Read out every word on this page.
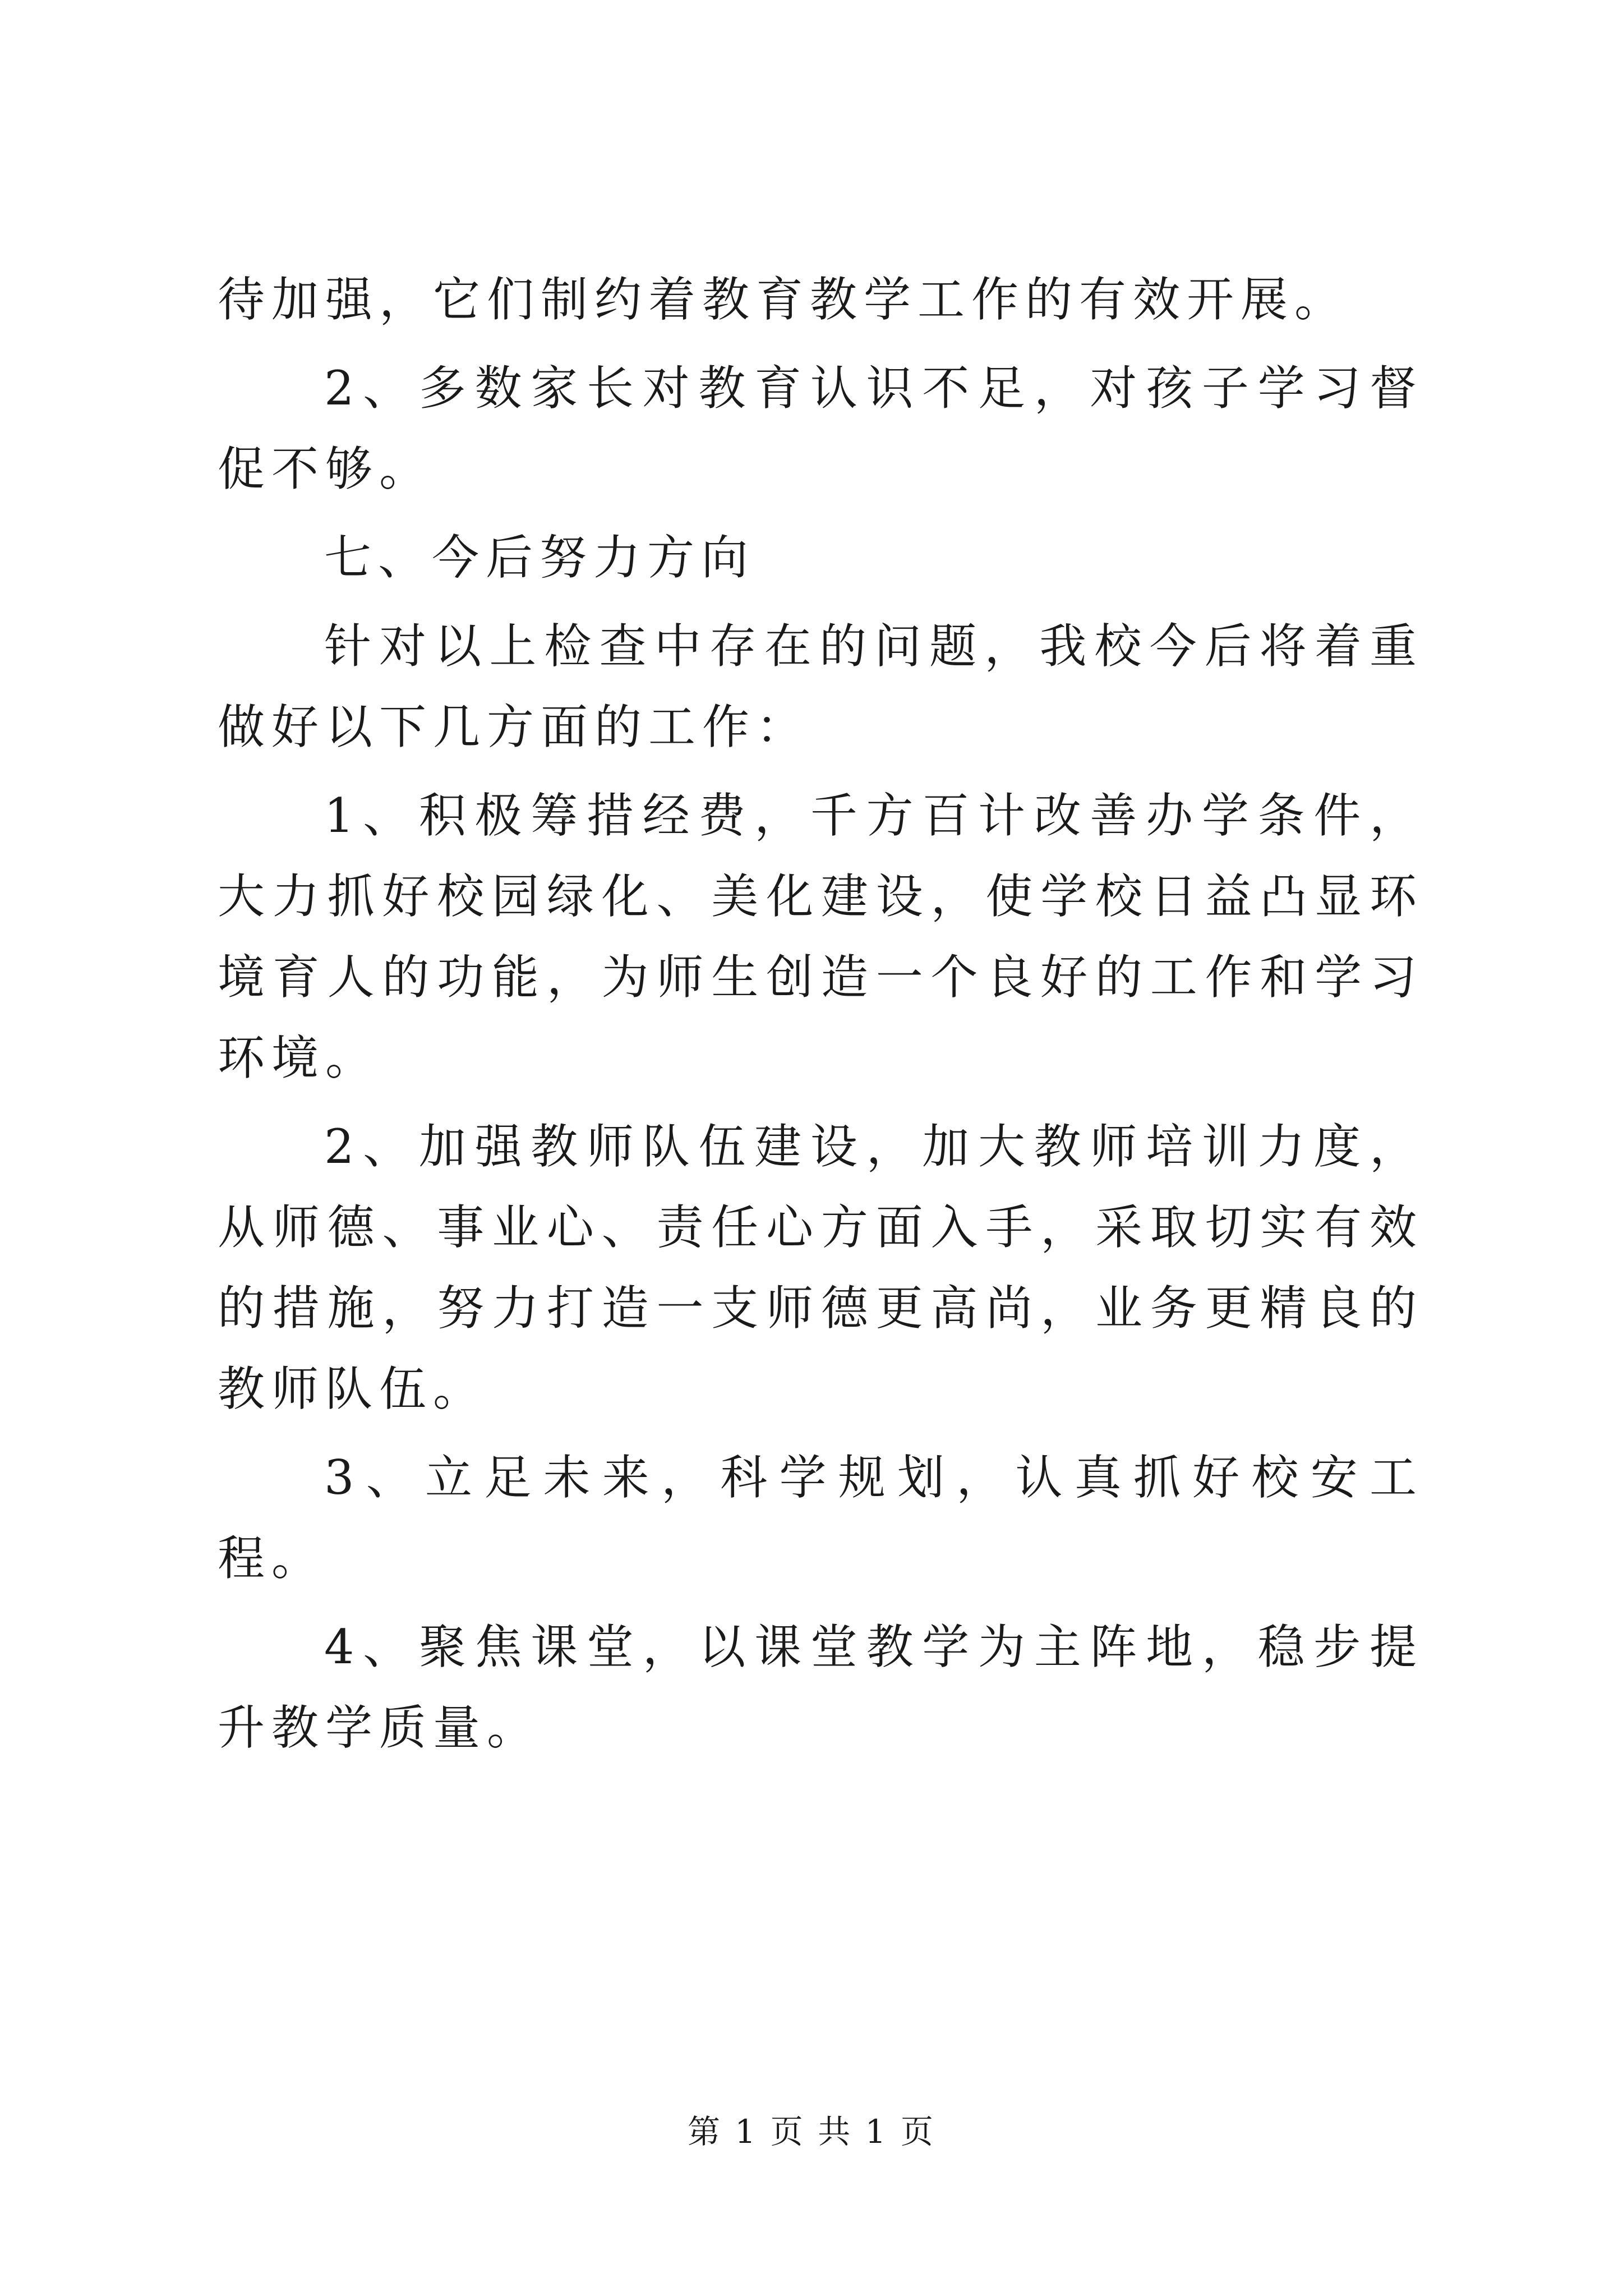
待加强，它们制约着教育教学工作的有效开展。

2、多数家长对教育认识不足，对孩子学习督促不够。

七、今后努力方向

针对以上检查中存在的问题，我校今后将着重做好以下几方面的工作：

1、积极筹措经费，千方百计改善办学条件，大力抓好校园绿化、美化建设，使学校日益凸显环境育人的功能，为师生创造一个良好的工作和学习环境。

2、加强教师队伍建设，加大教师培训力度，从师德、事业心、责任心方面入手，采取切实有效的措施，努力打造一支师德更高尚，业务更精良的教师队伍。

3、立足未来，科学规划，认真抓好校安工程。

4、聚焦课堂，以课堂教学为主阵地，稳步提升教学质量。

第 1 页 共 1 页
